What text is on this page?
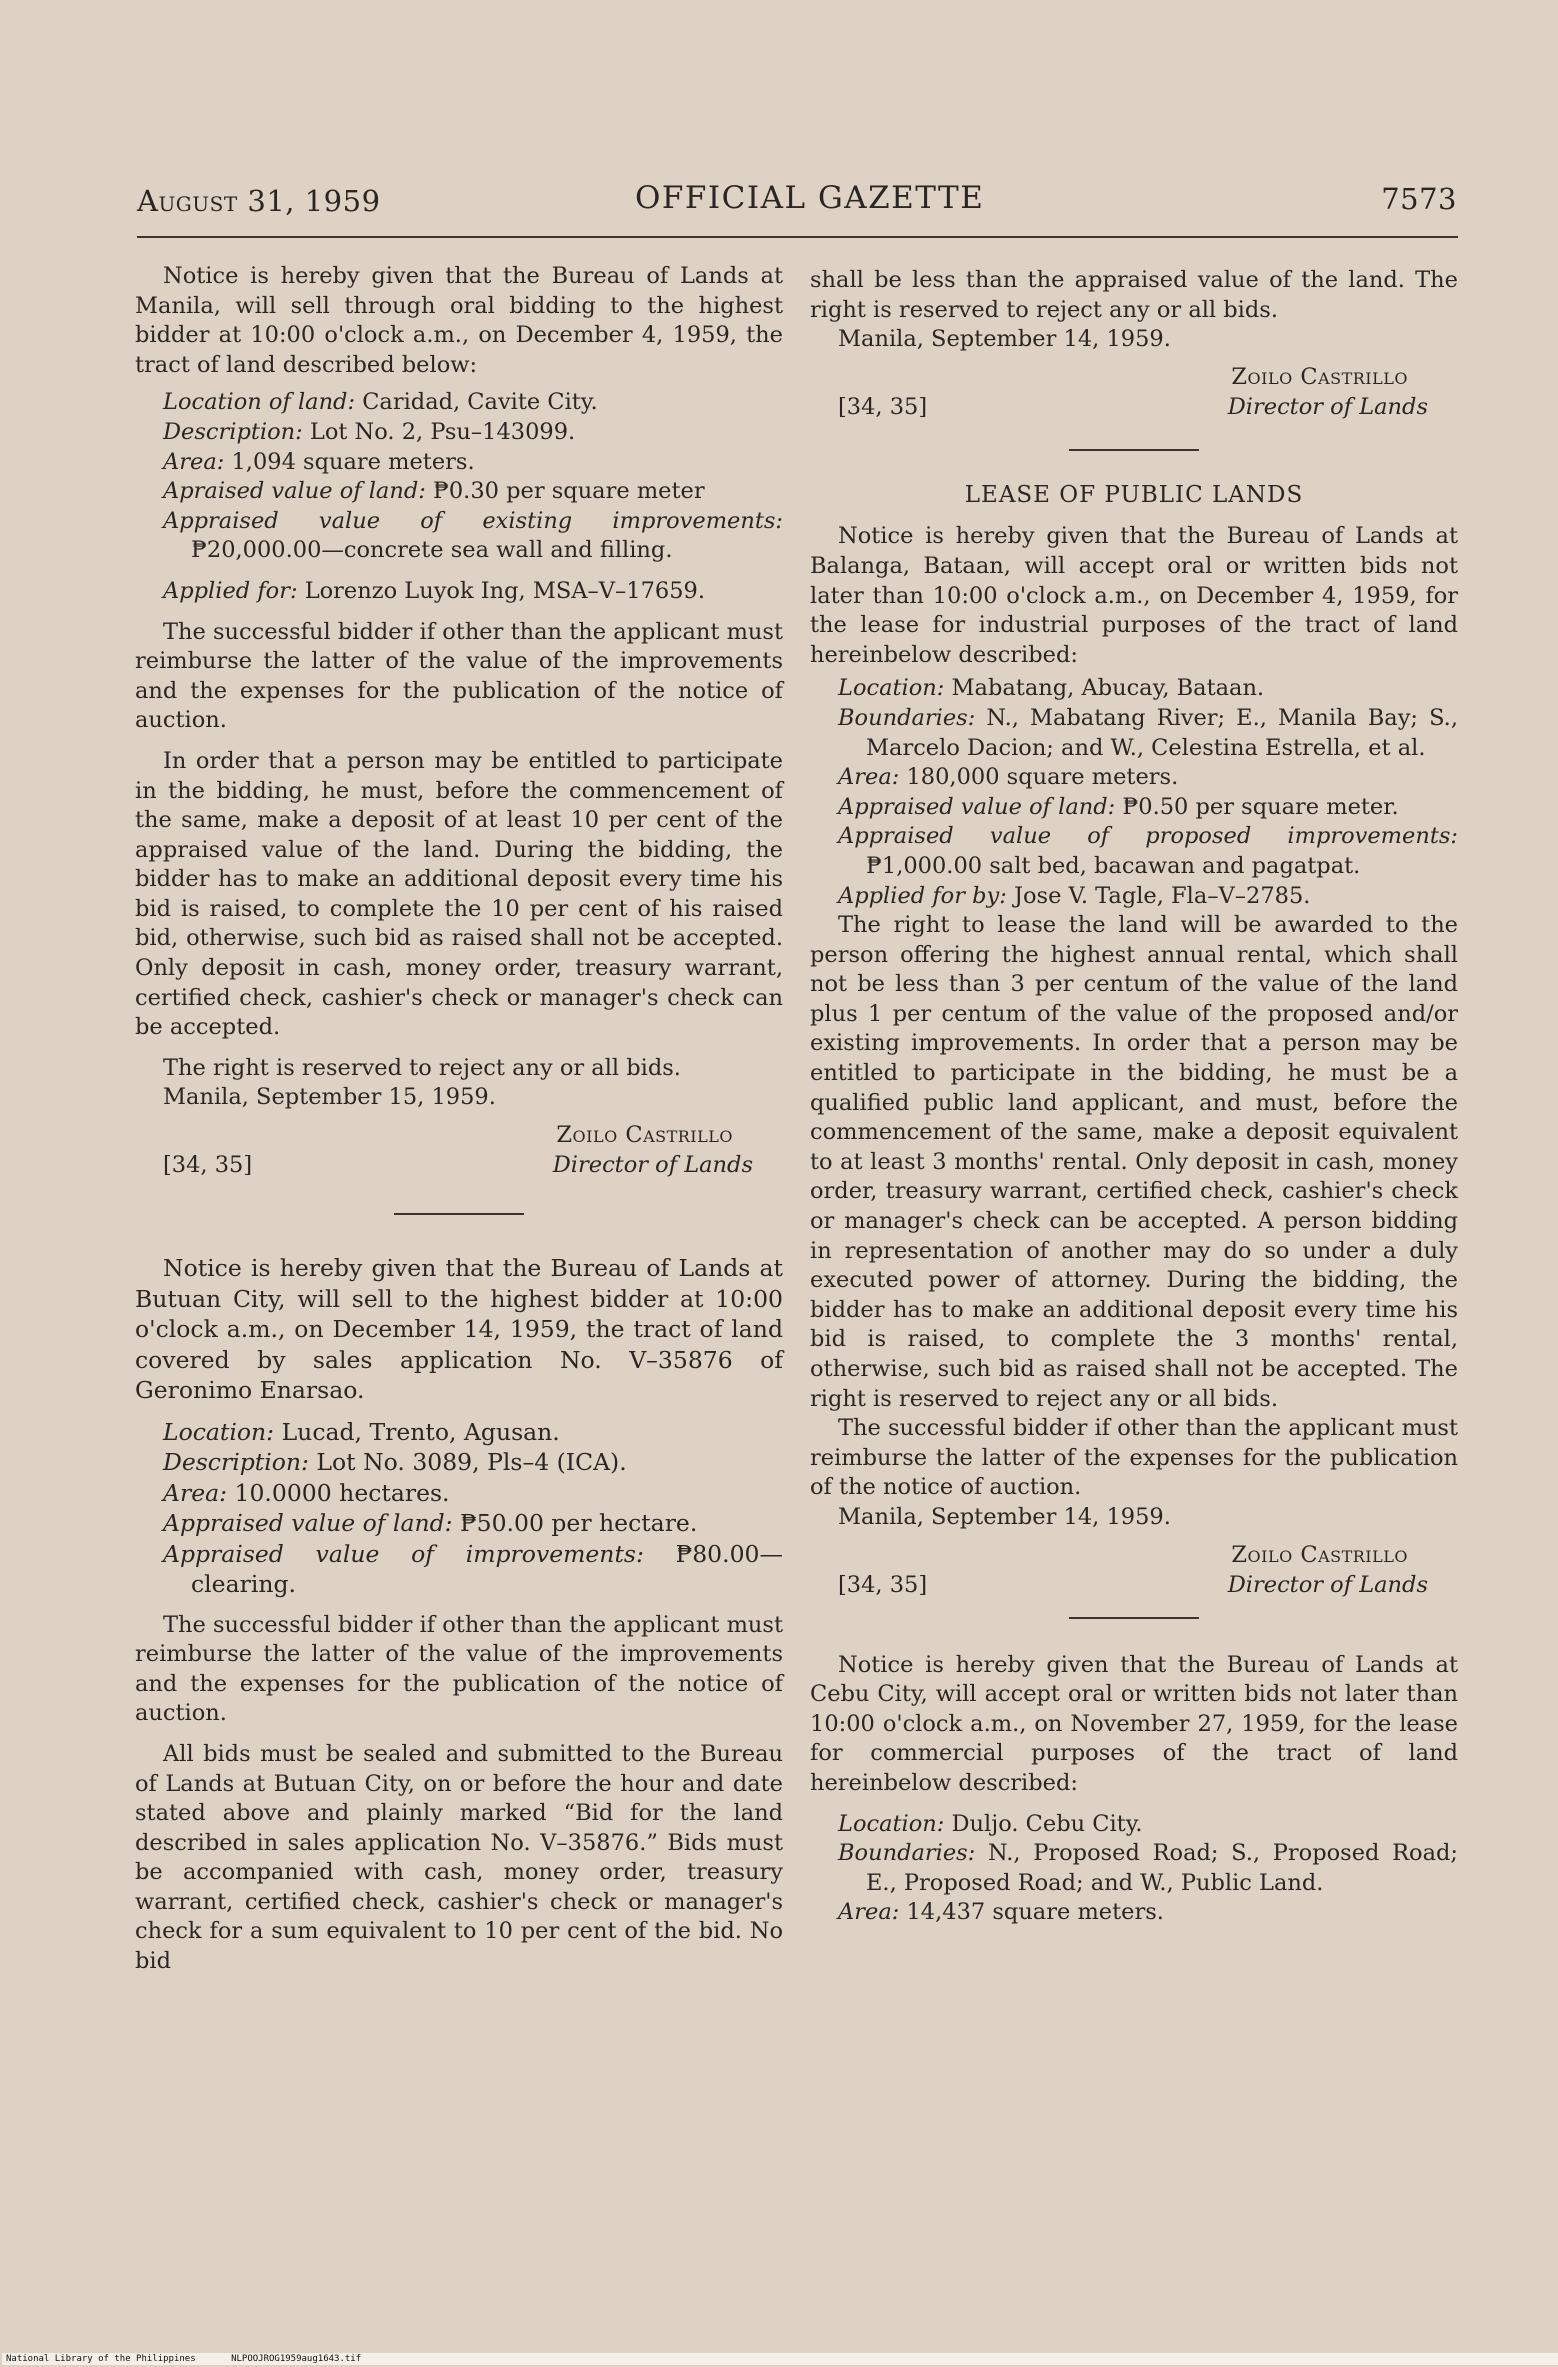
August 31, 1959	OFFICIAL GAZETTE	7573

Notice is hereby given that the Bureau of Lands at Manila, will sell through oral bidding to the highest bidder at 10:00 o'clock a.m., on December 4, 1959, the tract of land described below:

Location of land: Caridad, Cavite City.

Description: Lot No. 2, Psu–143099.

Area: 1,094 square meters.

Apraised value of land: ₱0.30 per square meter

Appraised value of existing improvements: ₱20,000.00—concrete sea wall and filling.

Applied for: Lorenzo Luyok Ing, MSA–V–17659.

The successful bidder if other than the applicant must reimburse the latter of the value of the improvements and the expenses for the publication of the notice of auction.

In order that a person may be entitled to participate in the bidding, he must, before the commencement of the same, make a deposit of at least 10 per cent of the appraised value of the land. During the bidding, the bidder has to make an additional deposit every time his bid is raised, to complete the 10 per cent of his raised bid, otherwise, such bid as raised shall not be accepted. Only deposit in cash, money order, treasury warrant, certified check, cashier's check or manager's check can be accepted.

The right is reserved to reject any or all bids.

Manila, September 15, 1959.

Zoilo Castrillo
[34, 35]	Director of Lands

Notice is hereby given that the Bureau of Lands at Butuan City, will sell to the highest bidder at 10:00 o'clock a.m., on December 14, 1959, the tract of land covered by sales application No. V–35876 of Geronimo Enarsao.

Location: Lucad, Trento, Agusan.

Description: Lot No. 3089, Pls–4 (ICA).

Area: 10.0000 hectares.

Appraised value of land: ₱50.00 per hectare.

Appraised value of improvements: ₱80.00—clearing.

The successful bidder if other than the applicant must reimburse the latter of the value of the improvements and the expenses for the publication of the notice of auction.

All bids must be sealed and submitted to the Bureau of Lands at Butuan City, on or before the hour and date stated above and plainly marked “Bid for the land described in sales application No. V–35876.” Bids must be accompanied with cash, money order, treasury warrant, certified check, cashier's check or manager's check for a sum equivalent to 10 per cent of the bid. No bid

shall be less than the appraised value of the land. The right is reserved to reject any or all bids.

Manila, September 14, 1959.

Zoilo Castrillo
[34, 35]	Director of Lands
LEASE OF PUBLIC LANDS

Notice is hereby given that the Bureau of Lands at Balanga, Bataan, will accept oral or written bids not later than 10:00 o'clock a.m., on December 4, 1959, for the lease for industrial purposes of the tract of land hereinbelow described:

Location: Mabatang, Abucay, Bataan.

Boundaries: N., Mabatang River; E., Manila Bay; S., Marcelo Dacion; and W., Celestina Estrella, et al.

Area: 180,000 square meters.

Appraised value of land: ₱0.50 per square meter.

Appraised value of proposed improvements: ₱1,000.00 salt bed, bacawan and pagatpat.

Applied for by: Jose V. Tagle, Fla–V–2785.

The right to lease the land will be awarded to the person offering the highest annual rental, which shall not be less than 3 per centum of the value of the land plus 1 per centum of the value of the proposed and/or existing improvements. In order that a person may be entitled to participate in the bidding, he must be a qualified public land applicant, and must, before the commencement of the same, make a deposit equivalent to at least 3 months' rental. Only deposit in cash, money order, treasury warrant, certified check, cashier's check or manager's check can be accepted. A person bidding in representation of another may do so under a duly executed power of attorney. During the bidding, the bidder has to make an additional deposit every time his bid is raised, to complete the 3 months' rental, otherwise, such bid as raised shall not be accepted. The right is reserved to reject any or all bids.

The successful bidder if other than the applicant must reimburse the latter of the expenses for the publication of the notice of auction.

Manila, September 14, 1959.

Zoilo Castrillo
[34, 35]	Director of Lands

Notice is hereby given that the Bureau of Lands at Cebu City, will accept oral or written bids not later than 10:00 o'clock a.m., on November 27, 1959, for the lease for commercial purposes of the tract of land hereinbelow described:

Location: Duljo. Cebu City.

Boundaries: N., Proposed Road; S., Proposed Road; E., Proposed Road; and W., Public Land.

Area: 14,437 square meters.

National Library of the Philippines	NLPOOJROG1959aug1643.tif
